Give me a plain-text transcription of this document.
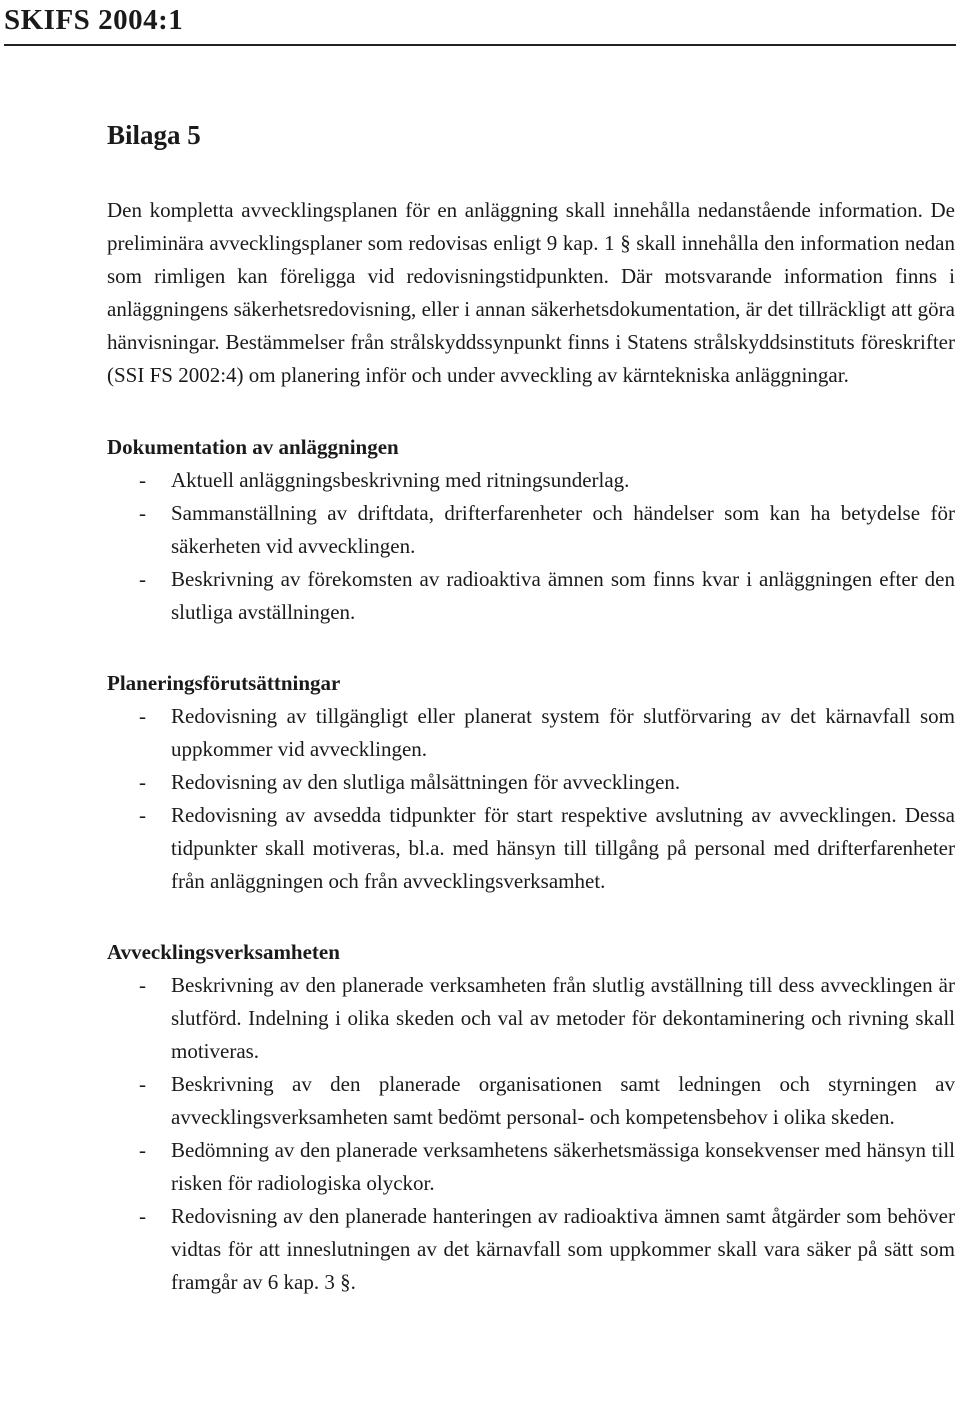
SKIFS 2004:1
Bilaga 5

Den kompletta avvecklingsplanen för en anläggning skall innehålla nedanstående information. De preliminära avvecklingsplaner som redovisas enligt 9 kap. 1 § skall innehålla den information nedan som rimligen kan föreligga vid redovisningstidpunkten. Där motsvarande information finns i anläggningens säkerhetsredovisning, eller i annan säkerhetsdokumentation, är det tillräckligt att göra hänvisningar. Bestämmelser från strålskyddssynpunkt finns i Statens strålskyddsinstituts föreskrifter (SSI FS 2002:4) om planering inför och under avveckling av kärntekniska anläggningar.

Dokumentation av anläggningen
- Aktuell anläggningsbeskrivning med ritningsunderlag.
- Sammanställning av driftdata, drifterfarenheter och händelser som kan ha betydelse för säkerheten vid avvecklingen.
- Beskrivning av förekomsten av radioaktiva ämnen som finns kvar i anläggningen efter den slutliga avställningen.
Planeringsförutsättningar
- Redovisning av tillgängligt eller planerat system för slutförvaring av det kärnavfall som uppkommer vid avvecklingen.
- Redovisning av den slutliga målsättningen för avvecklingen.
- Redovisning av avsedda tidpunkter för start respektive avslutning av avvecklingen. Dessa tidpunkter skall motiveras, bl.a. med hänsyn till tillgång på personal med drifterfarenheter från anläggningen och från avvecklingsverksamhet.
Avvecklingsverksamheten
- Beskrivning av den planerade verksamheten från slutlig avställning till dess avvecklingen är slutförd. Indelning i olika skeden och val av metoder för dekontaminering och rivning skall motiveras.
- Beskrivning av den planerade organisationen samt ledningen och styrningen av avvecklingsverksamheten samt bedömt personal- och kompetensbehov i olika skeden.
- Bedömning av den planerade verksamhetens säkerhetsmässiga konsekvenser med hänsyn till risken för radiologiska olyckor.
- Redovisning av den planerade hanteringen av radioaktiva ämnen samt åtgärder som behöver vidtas för att inneslutningen av det kärnavfall som uppkommer skall vara säker på sätt som framgår av 6 kap. 3 §.
